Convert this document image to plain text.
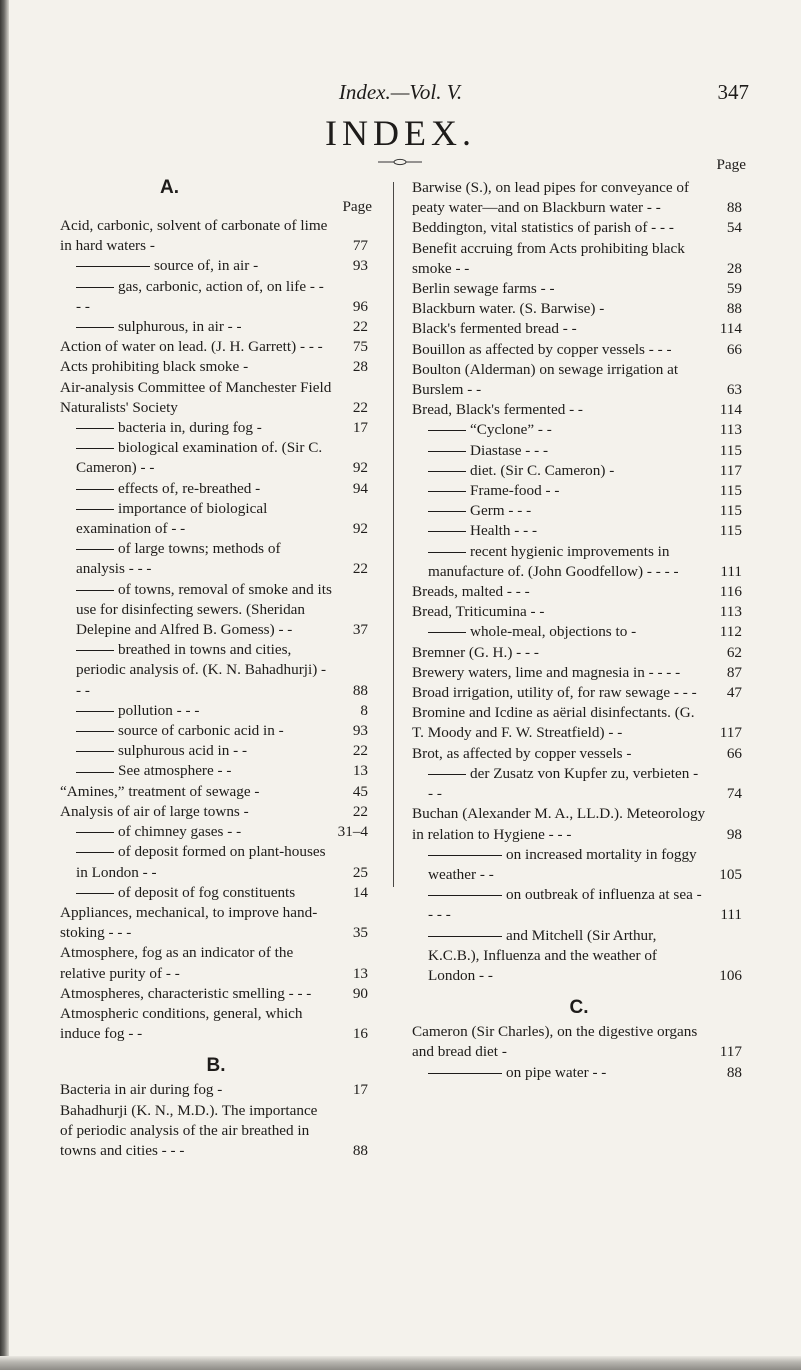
Index.—Vol. V.	347
INDEX.
A.
Page
Acid, carbonic, solvent of carbonate of lime in hard waters -	77
source of, in air -	93
gas, carbonic, action of, on life - - - -	96
sulphurous, in air - -	22
Action of water on lead. (J. H. Garrett) - - -	75
Acts prohibiting black smoke -	28
Air-analysis Committee of Manchester Field Naturalists' Society	22
bacteria in, during fog -	17
biological examination of. (Sir C. Cameron) - -	92
effects of, re-breathed -	94
importance of biological examination of - -	92
of large towns; methods of analysis - - -	22
of towns, removal of smoke and its use for disinfecting sewers. (Sheridan Delepine and Alfred B. Gomess) - -	37
breathed in towns and cities, periodic analysis of. (K. N. Bahadhurji) - - -	88
pollution - - -	8
source of carbonic acid in -	93
sulphurous acid in - -	22
See atmosphere - -	13
“Amines,” treatment of sewage -	45
Analysis of air of large towns -	22
of chimney gases - -	31–4
of deposit formed on plant-houses in London - -	25
of deposit of fog constituents	14
Appliances, mechanical, to improve hand-stoking - - -	35
Atmosphere, fog as an indicator of the relative purity of - -	13
Atmospheres, characteristic smelling - - -	90
Atmospheric conditions, general, which induce fog - -	16
B.
Bacteria in air during fog -	17
Bahadhurji (K. N., M.D.). The importance of periodic analysis of the air breathed in towns and cities - - -	88
Page
Barwise (S.), on lead pipes for conveyance of peaty water—and on Blackburn water - -	88
Beddington, vital statistics of parish of - - -	54
Benefit accruing from Acts prohibiting black smoke - -	28
Berlin sewage farms - -	59
Blackburn water. (S. Barwise) -	88
Black's fermented bread - -	114
Bouillon as affected by copper vessels - - -	66
Boulton (Alderman) on sewage irrigation at Burslem - -	63
Bread, Black's fermented - -	114
“Cyclone” - -	113
Diastase - - -	115
diet. (Sir C. Cameron) -	117
Frame-food - -	115
Germ - - -	115
Health - - -	115
recent hygienic improvements in manufacture of. (John Goodfellow) - - - -	111
Breads, malted - - -	116
Bread, Triticumina - -	113
whole-meal, objections to -	112
Bremner (G. H.) - - -	62
Brewery waters, lime and magnesia in - - - -	87
Broad irrigation, utility of, for raw sewage - - -	47
Bromine and Icdine as aërial disinfectants. (G. T. Moody and F. W. Streatfield) - -	117
Brot, as affected by copper vessels -	66
der Zusatz von Kupfer zu, verbieten - - -	74
Buchan (Alexander M. A., LL.D.). Meteorology in relation to Hygiene - - -	98
on increased mortality in foggy weather - -	105
on outbreak of influenza at sea - - - -	111
and Mitchell (Sir Arthur, K.C.B.), Influenza and the weather of London - -	106
C.
Cameron (Sir Charles), on the digestive organs and bread diet -	117
on pipe water - -	88
